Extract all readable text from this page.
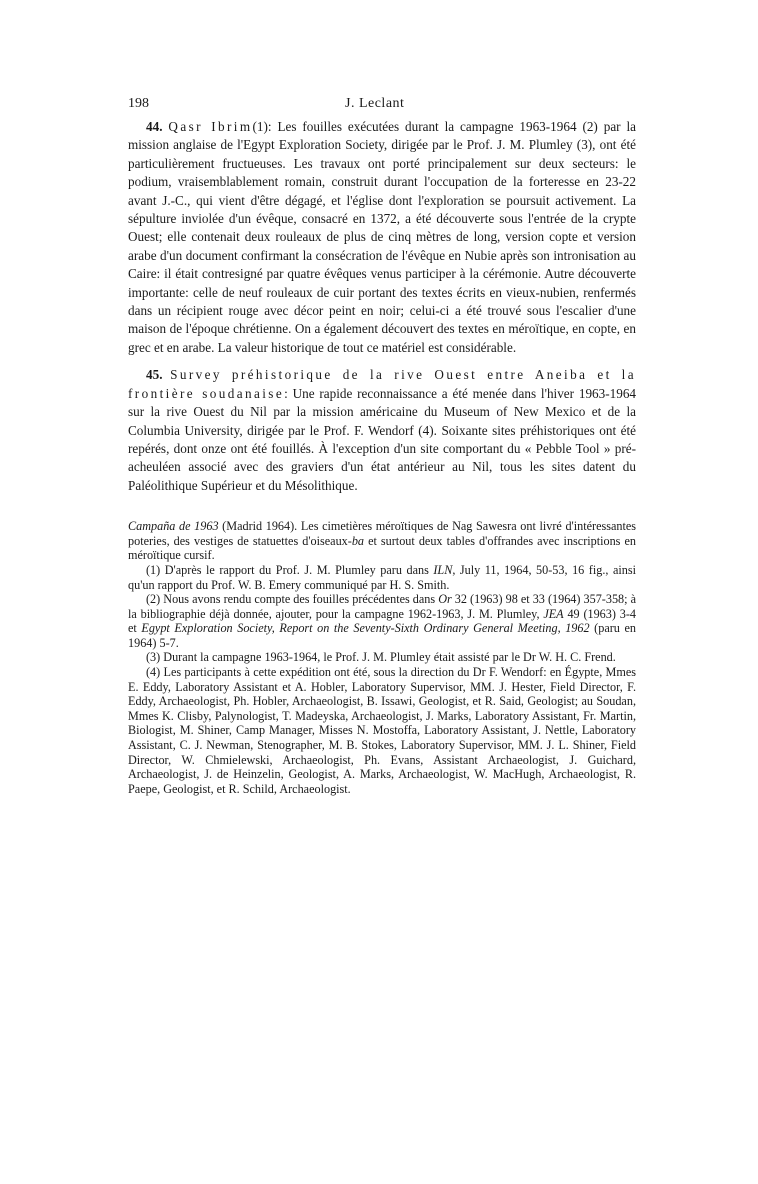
198	J. Leclant

44. Qasr Ibrim(1): Les fouilles exécutées durant la campagne 1963-1964 (2) par la mission anglaise de l'Egypt Exploration Society, dirigée par le Prof. J. M. Plumley (3), ont été particulièrement fructueuses. Les travaux ont porté principalement sur deux secteurs: le podium, vraisemblablement romain, construit durant l'occupation de la forteresse en 23-22 avant J.-C., qui vient d'être dégagé, et l'église dont l'exploration se poursuit activement. La sépulture inviolée d'un évêque, consacré en 1372, a été découverte sous l'entrée de la crypte Ouest; elle contenait deux rouleaux de plus de cinq mètres de long, version copte et version arabe d'un document confirmant la consécration de l'évêque en Nubie après son intronisation au Caire: il était contresigné par quatre évêques venus participer à la cérémonie. Autre découverte importante: celle de neuf rouleaux de cuir portant des textes écrits en vieux-nubien, renfermés dans un récipient rouge avec décor peint en noir; celui-ci a été trouvé sous l'escalier d'une maison de l'époque chrétienne. On a également découvert des textes en méroïtique, en copte, en grec et en arabe. La valeur historique de tout ce matériel est considérable.

45. Survey préhistorique de la rive Ouest entre Aneiba et la frontière soudanaise: Une rapide reconnaissance a été menée dans l'hiver 1963-1964 sur la rive Ouest du Nil par la mission américaine du Museum of New Mexico et de la Columbia University, dirigée par le Prof. F. Wendorf (4). Soixante sites préhistoriques ont été repérés, dont onze ont été fouillés. À l'exception d'un site comportant du « Pebble Tool » pré-acheuléen associé avec des graviers d'un état antérieur au Nil, tous les sites datent du Paléolithique Supérieur et du Mésolithique.

Campaña de 1963 (Madrid 1964). Les cimetières méroïtiques de Nag Sawesra ont livré d'intéressantes poteries, des vestiges de statuettes d'oiseaux-ba et surtout deux tables d'offrandes avec inscriptions en méroïtique cursif.

(1) D'après le rapport du Prof. J. M. Plumley paru dans ILN, July 11, 1964, 50-53, 16 fig., ainsi qu'un rapport du Prof. W. B. Emery communiqué par H. S. Smith.

(2) Nous avons rendu compte des fouilles précédentes dans Or 32 (1963) 98 et 33 (1964) 357-358; à la bibliographie déjà donnée, ajouter, pour la campagne 1962-1963, J. M. Plumley, JEA 49 (1963) 3-4 et Egypt Exploration Society, Report on the Seventy-Sixth Ordinary General Meeting, 1962 (paru en 1964) 5-7.

(3) Durant la campagne 1963-1964, le Prof. J. M. Plumley était assisté par le Dr W. H. C. Frend.

(4) Les participants à cette expédition ont été, sous la direction du Dr F. Wendorf: en Égypte, Mmes E. Eddy, Laboratory Assistant et A. Hobler, Laboratory Supervisor, MM. J. Hester, Field Director, F. Eddy, Archaeologist, Ph. Hobler, Archaeologist, B. Issawi, Geologist, et R. Said, Geologist; au Soudan, Mmes K. Clisby, Palynologist, T. Madeyska, Archaeologist, J. Marks, Laboratory Assistant, Fr. Martin, Biologist, M. Shiner, Camp Manager, Misses N. Mostoffa, Laboratory Assistant, J. Nettle, Laboratory Assistant, C. J. Newman, Stenographer, M. B. Stokes, Laboratory Supervisor, MM. J. L. Shiner, Field Director, W. Chmielewski, Archaeologist, Ph. Evans, Assistant Archaeologist, J. Guichard, Archaeologist, J. de Heinzelin, Geologist, A. Marks, Archaeologist, W. MacHugh, Archaeologist, R. Paepe, Geologist, et R. Schild, Archaeologist.
